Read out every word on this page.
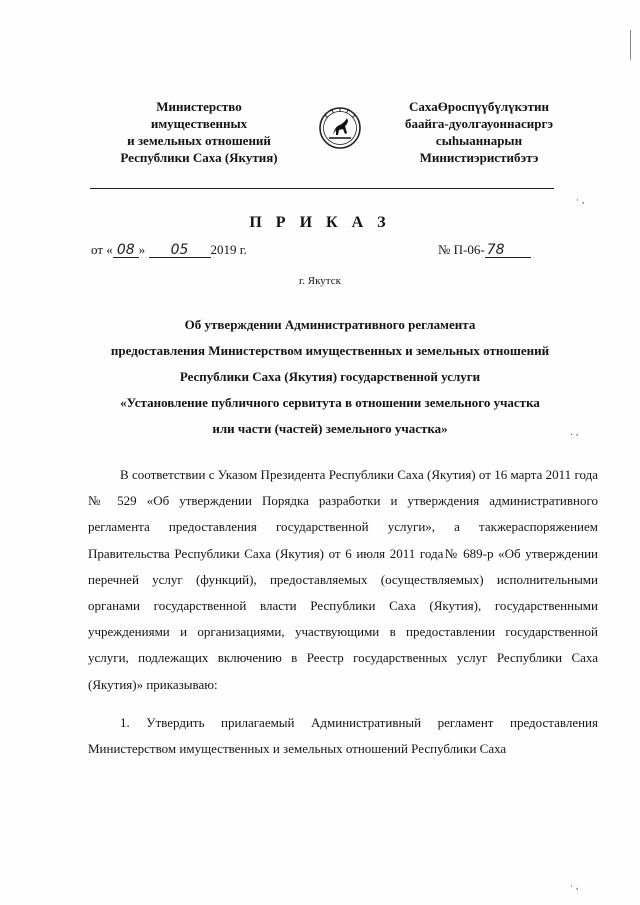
Министерство
имущественных
и земельных отношений
Республики Саха (Якутия)
СахаӨроспүүбүлүкэтин
баайга-дуолгауоннасиргэ
сыһыаннарын
Министиэристибэтэ
П Р И К А З
от « 08 » 05 2019 г.	№ П-06- 78
г. Якутск
Об утверждении Административного регламента
предоставления Министерством имущественных и земельных отношений
Республики Саха (Якутия) государственной услуги
«Установление публичного сервитута в отношении земельного участка
или части (частей) земельного участка»
В соответствии с Указом Президента Республики Саха (Якутия) от 16 марта 2011 года № 529 «Об утверждении Порядка разработки и утверждения административного регламента предоставления государственной услуги», а такжераспоряжением Правительства Республики Саха (Якутия) от 6 июля 2011 года№ 689-р «Об утверждении перечней услуг (функций), предоставляемых (осуществляемых) исполнительными органами государственной власти Республики Саха (Якутия), государственными учреждениями и организациями, участвующими в предоставлении государственной услуги, подлежащих включению в Реестр государственных услуг Республики Саха (Якутия)» приказываю:
1. Утвердить прилагаемый Административный регламент предоставления Министерством имущественных и земельных отношений Республики Саха
· ,
. ,
· ,
